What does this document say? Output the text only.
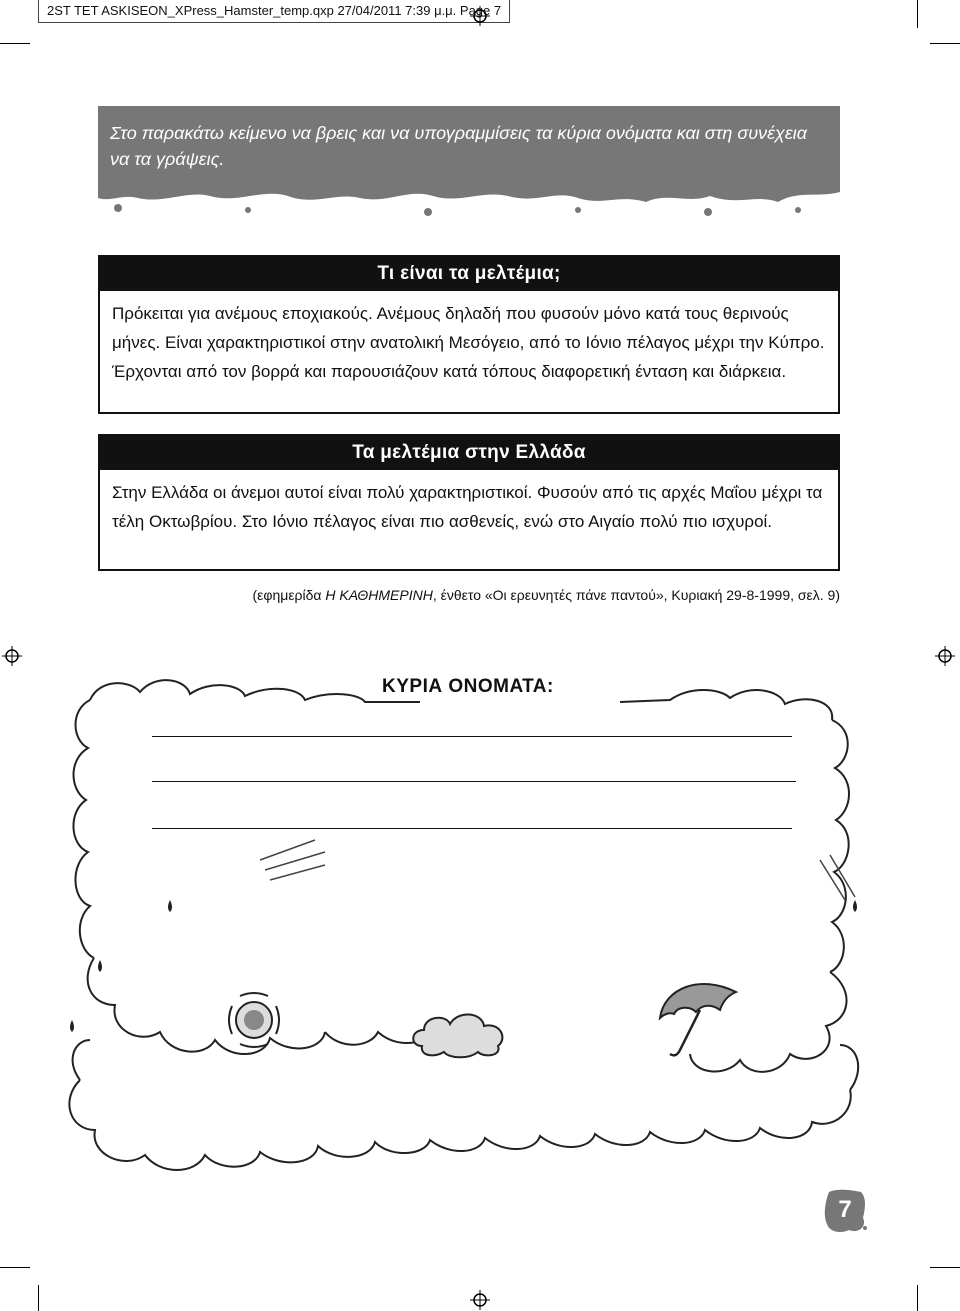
2ST TET ASKISEON_XPress_Hamster_temp.qxp 27/04/2011 7:39 μ.μ. Page 7
Στο παρακάτω κείμενο να βρεις και να υπογραμμίσεις τα κύρια ονόματα και στη συνέχεια να τα γράψεις.
Τι είναι τα μελτέμια;
Πρόκειται για ανέμους εποχιακούς. Ανέμους δηλαδή που φυσούν μόνο κατά τους θερινούς μήνες. Είναι χαρακτηριστικοί στην ανατολική Μεσόγειο, από το Ιόνιο πέλαγος μέχρι την Κύπρο. Έρχονται από τον βορρά και παρουσιάζουν κατά τόπους διαφορετική ένταση και διάρκεια.
Τα μελτέμια στην Ελλάδα
Στην Ελλάδα οι άνεμοι αυτοί είναι πολύ χαρακτηριστικοί. Φυσούν από τις αρχές Μαΐου μέχρι τα τέλη Οκτωβρίου. Στο Ιόνιο πέλαγος είναι πιο ασθενείς, ενώ στο Αιγαίο πολύ πιο ισχυροί.
(εφημερίδα Η ΚΑΘΗΜΕΡΙΝΗ, ένθετο «Οι ερευνητές πάνε παντού», Κυριακή 29-8-1999, σελ. 9)
ΚΥΡΙΑ ΟΝΟΜΑΤΑ:
7
